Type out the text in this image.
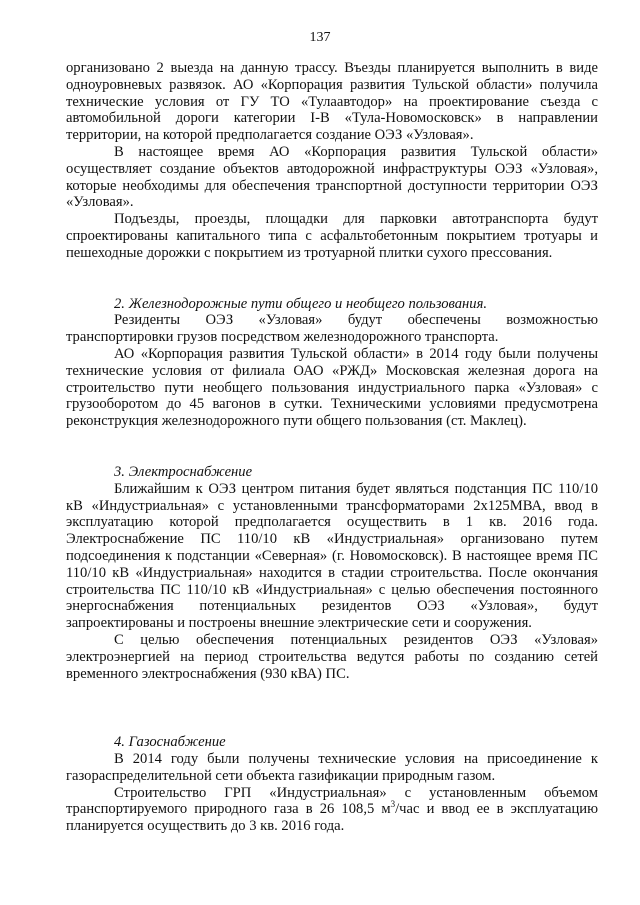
137

организовано 2 выезда на данную трассу. Въезды планируется выполнить в виде одноуровневых развязок. АО «Корпорация развития Тульской области» получила технические условия от ГУ ТО «Тулаавтодор» на проектирование съезда с автомобильной дороги категории I-В «Тула-Новомосковск» в направлении территории, на которой предполагается создание ОЭЗ «Узловая».

В настоящее время АО «Корпорация развития Тульской области» осуществляет создание объектов автодорожной инфраструктуры ОЭЗ «Узловая», которые необходимы для обеспечения транспортной доступности территории ОЭЗ «Узловая».

Подъезды, проезды, площадки для парковки автотранспорта будут спроектированы капитального типа с асфальтобетонным покрытием тротуары и пешеходные дорожки с покрытием из тротуарной плитки сухого прессования.

2. Железнодорожные пути общего и необщего пользования.

Резиденты ОЭЗ «Узловая» будут обеспечены возможностью транспортировки грузов посредством железнодорожного транспорта.

АО «Корпорация развития Тульской области» в 2014 году были получены технические условия от филиала ОАО «РЖД» Московская железная дорога на строительство пути необщего пользования индустриального парка «Узловая» с грузооборотом до 45 вагонов в сутки. Техническими условиями предусмотрена реконструкция железнодорожного пути общего пользования (ст. Маклец).

3. Электроснабжение

Ближайшим к ОЭЗ центром питания будет являться подстанция ПС 110/10 кВ «Индустриальная» с установленными трансформаторами 2х125МВА, ввод в эксплуатацию которой предполагается осуществить в 1 кв. 2016 года. Электроснабжение ПС 110/10 кВ «Индустриальная» организовано путем подсоединения к подстанции «Северная» (г. Новомосковск). В настоящее время ПС 110/10 кВ «Индустриальная» находится в стадии строительства. После окончания строительства ПС 110/10 кВ «Индустриальная» с целью обеспечения постоянного энергоснабжения потенциальных резидентов ОЭЗ «Узловая», будут запроектированы и построены внешние электрические сети и сооружения.

С целью обеспечения потенциальных резидентов ОЭЗ «Узловая» электроэнергией на период строительства ведутся работы по созданию сетей временного электроснабжения (930 кВА) ПС.

4. Газоснабжение

В 2014 году были получены технические условия на присоединение к газораспределительной сети объекта газификации природным газом.

Строительство ГРП «Индустриальная» с установленным объемом транспортируемого природного газа в 26 108,5 $м^3$/час и ввод ее в эксплуатацию планируется осуществить до 3 кв. 2016 года.
